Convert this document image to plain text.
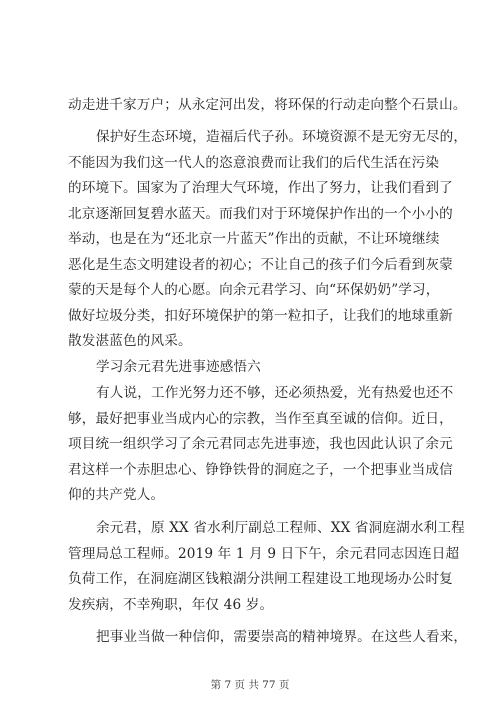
动走进千家万户；从永定河出发，将环保的行动走向整个石景山。
保护好生态环境，造福后代子孙。环境资源不是无穷无尽的，
不能因为我们这一代人的恣意浪费而让我们的后代生活在污染
的环境下。国家为了治理大气环境，作出了努力，让我们看到了
北京逐渐回复碧水蓝天。而我们对于环境保护作出的一个小小的
举动，也是在为“还北京一片蓝天”作出的贡献，不让环境继续
恶化是生态文明建设者的初心；不让自己的孩子们今后看到灰蒙
蒙的天是每个人的心愿。向余元君学习、向“环保奶奶”学习，
做好垃圾分类，扣好环境保护的第一粒扣子，让我们的地球重新
散发湛蓝色的风采。
学习余元君先进事迹感悟六
有人说，工作光努力还不够，还必须热爱，光有热爱也还不
够，最好把事业当成内心的宗教，当作至真至诚的信仰。近日，
项目统一组织学习了余元君同志先进事迹，我也因此认识了余元
君这样一个赤胆忠心、铮铮铁骨的洞庭之子，一个把事业当成信
仰的共产党人。
余元君，原 XX 省水利厅副总工程师、XX 省洞庭湖水利工程
管理局总工程师。2019 年 1 月 9 日下午，余元君同志因连日超
负荷工作，在洞庭湖区钱粮湖分洪闸工程建设工地现场办公时复
发疾病，不幸殉职，年仅 46 岁。
把事业当做一种信仰，需要崇高的精神境界。在这些人看来，
第 7 页 共 77 页
